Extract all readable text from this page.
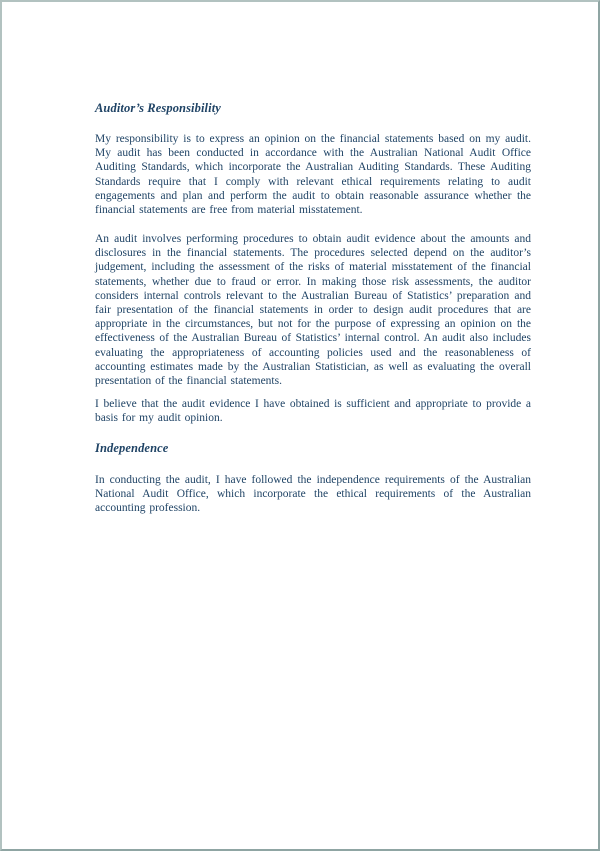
Auditor’s Responsibility

My responsibility is to express an opinion on the financial statements based on my audit. My audit has been conducted in accordance with the Australian National Audit Office Auditing Standards, which incorporate the Australian Auditing Standards. These Auditing Standards require that I comply with relevant ethical requirements relating to audit engagements and plan and perform the audit to obtain reasonable assurance whether the financial statements are free from material misstatement.

An audit involves performing procedures to obtain audit evidence about the amounts and disclosures in the financial statements. The procedures selected depend on the auditor’s judgement, including the assessment of the risks of material misstatement of the financial statements, whether due to fraud or error. In making those risk assessments, the auditor considers internal controls relevant to the Australian Bureau of Statistics’ preparation and fair presentation of the financial statements in order to design audit procedures that are appropriate in the circumstances, but not for the purpose of expressing an opinion on the effectiveness of the Australian Bureau of Statistics’ internal control. An audit also includes evaluating the appropriateness of accounting policies used and the reasonableness of accounting estimates made by the Australian Statistician, as well as evaluating the overall presentation of the financial statements.

I believe that the audit evidence I have obtained is sufficient and appropriate to provide a basis for my audit opinion.

Independence

In conducting the audit, I have followed the independence requirements of the Australian National Audit Office, which incorporate the ethical requirements of the Australian accounting profession.
